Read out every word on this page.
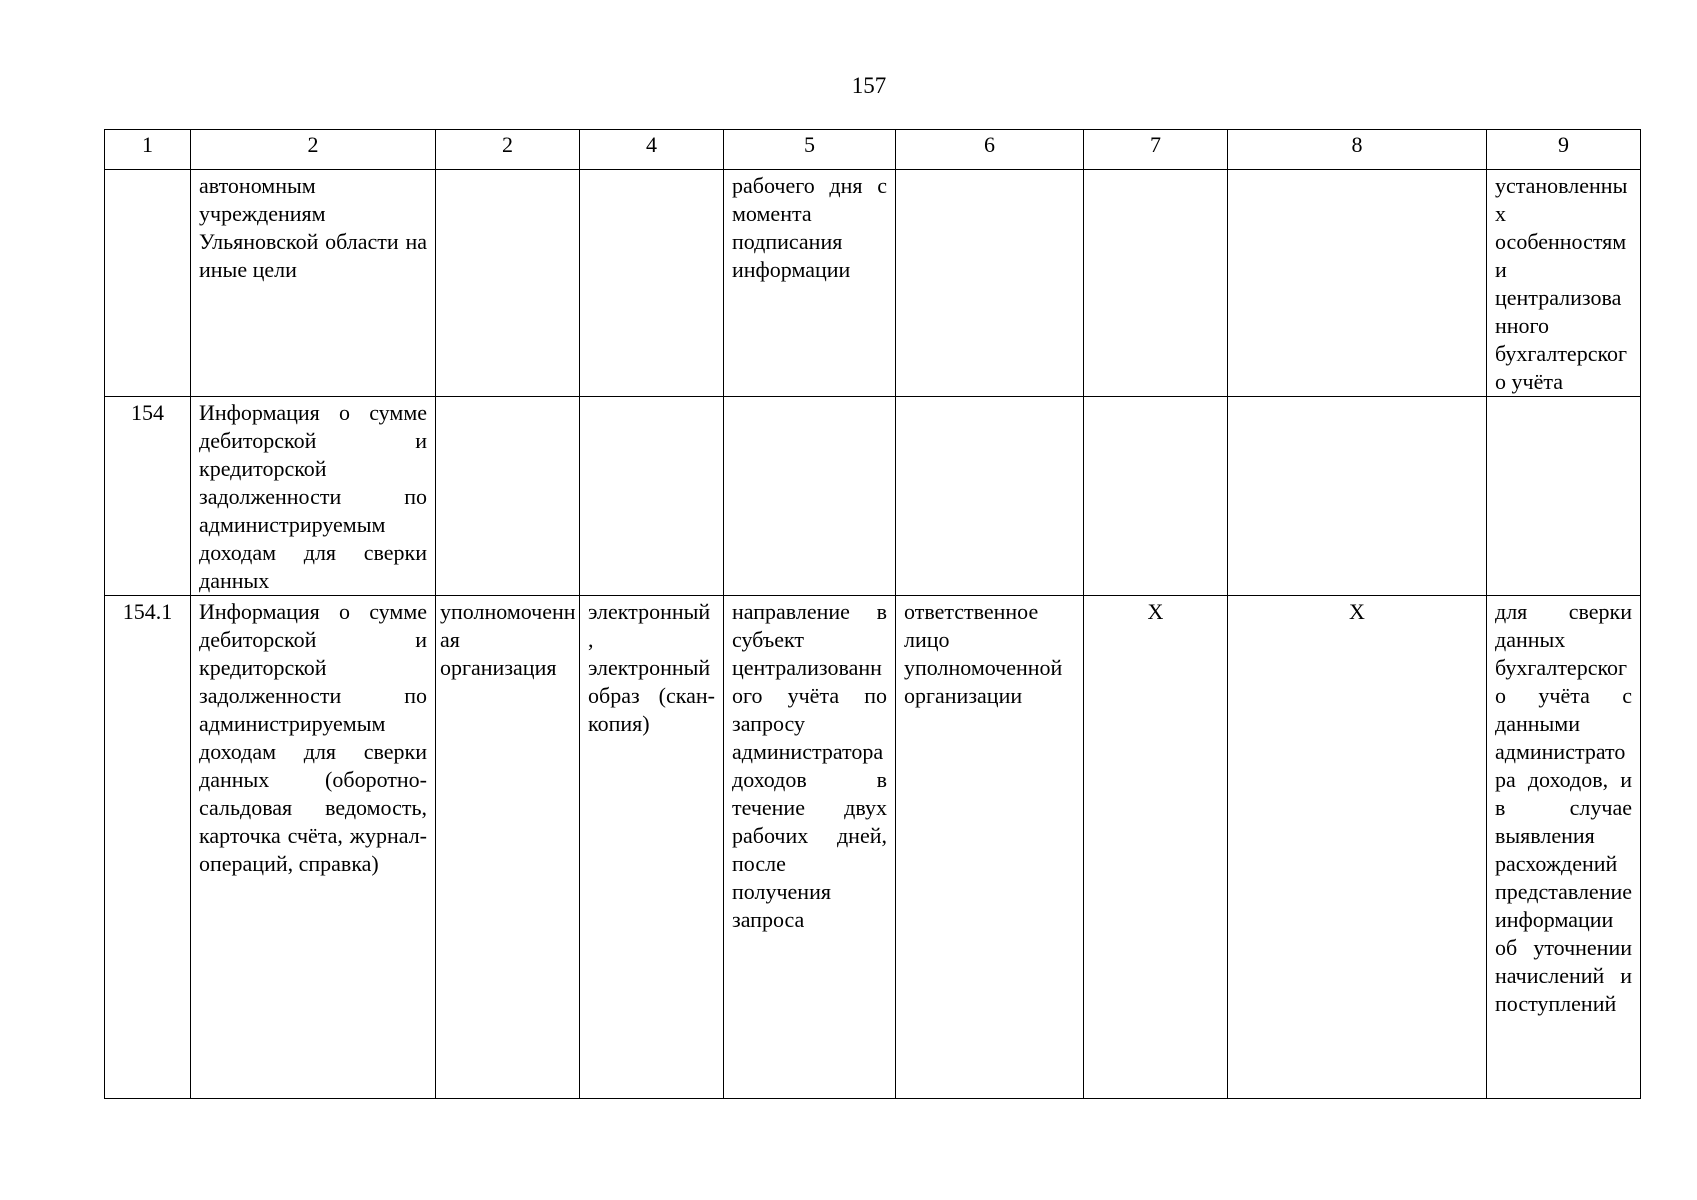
157
1	2	2	4	5	6	7	8	9
	автономным учреждениям Ульяновской области на иные цели			рабочего дня с момента подписания информации				установленных особенностями централизованного бухгалтерского учёта
154	Информация о сумме дебиторской и кредиторской задолженности по администрируемым доходам для сверки данных							
154.1	Информация о сумме дебиторской и кредиторской задолженности по администрируемым доходам для сверки данных (оборотно-сальдовая ведомость, карточка счёта, журнал-операций, справка)	уполномоченная организация	электронный, электронный образ (скан-копия)	направление в субъект централизованного учёта по запросу администратора доходов в течение двух рабочих дней, после получения запроса	ответственное лицо уполномоченной организации	Х	Х	для сверки данных бухгалтерского учёта с данными администратора доходов, и в случае выявления расхождений представление информации об уточнении начислений и поступлений
